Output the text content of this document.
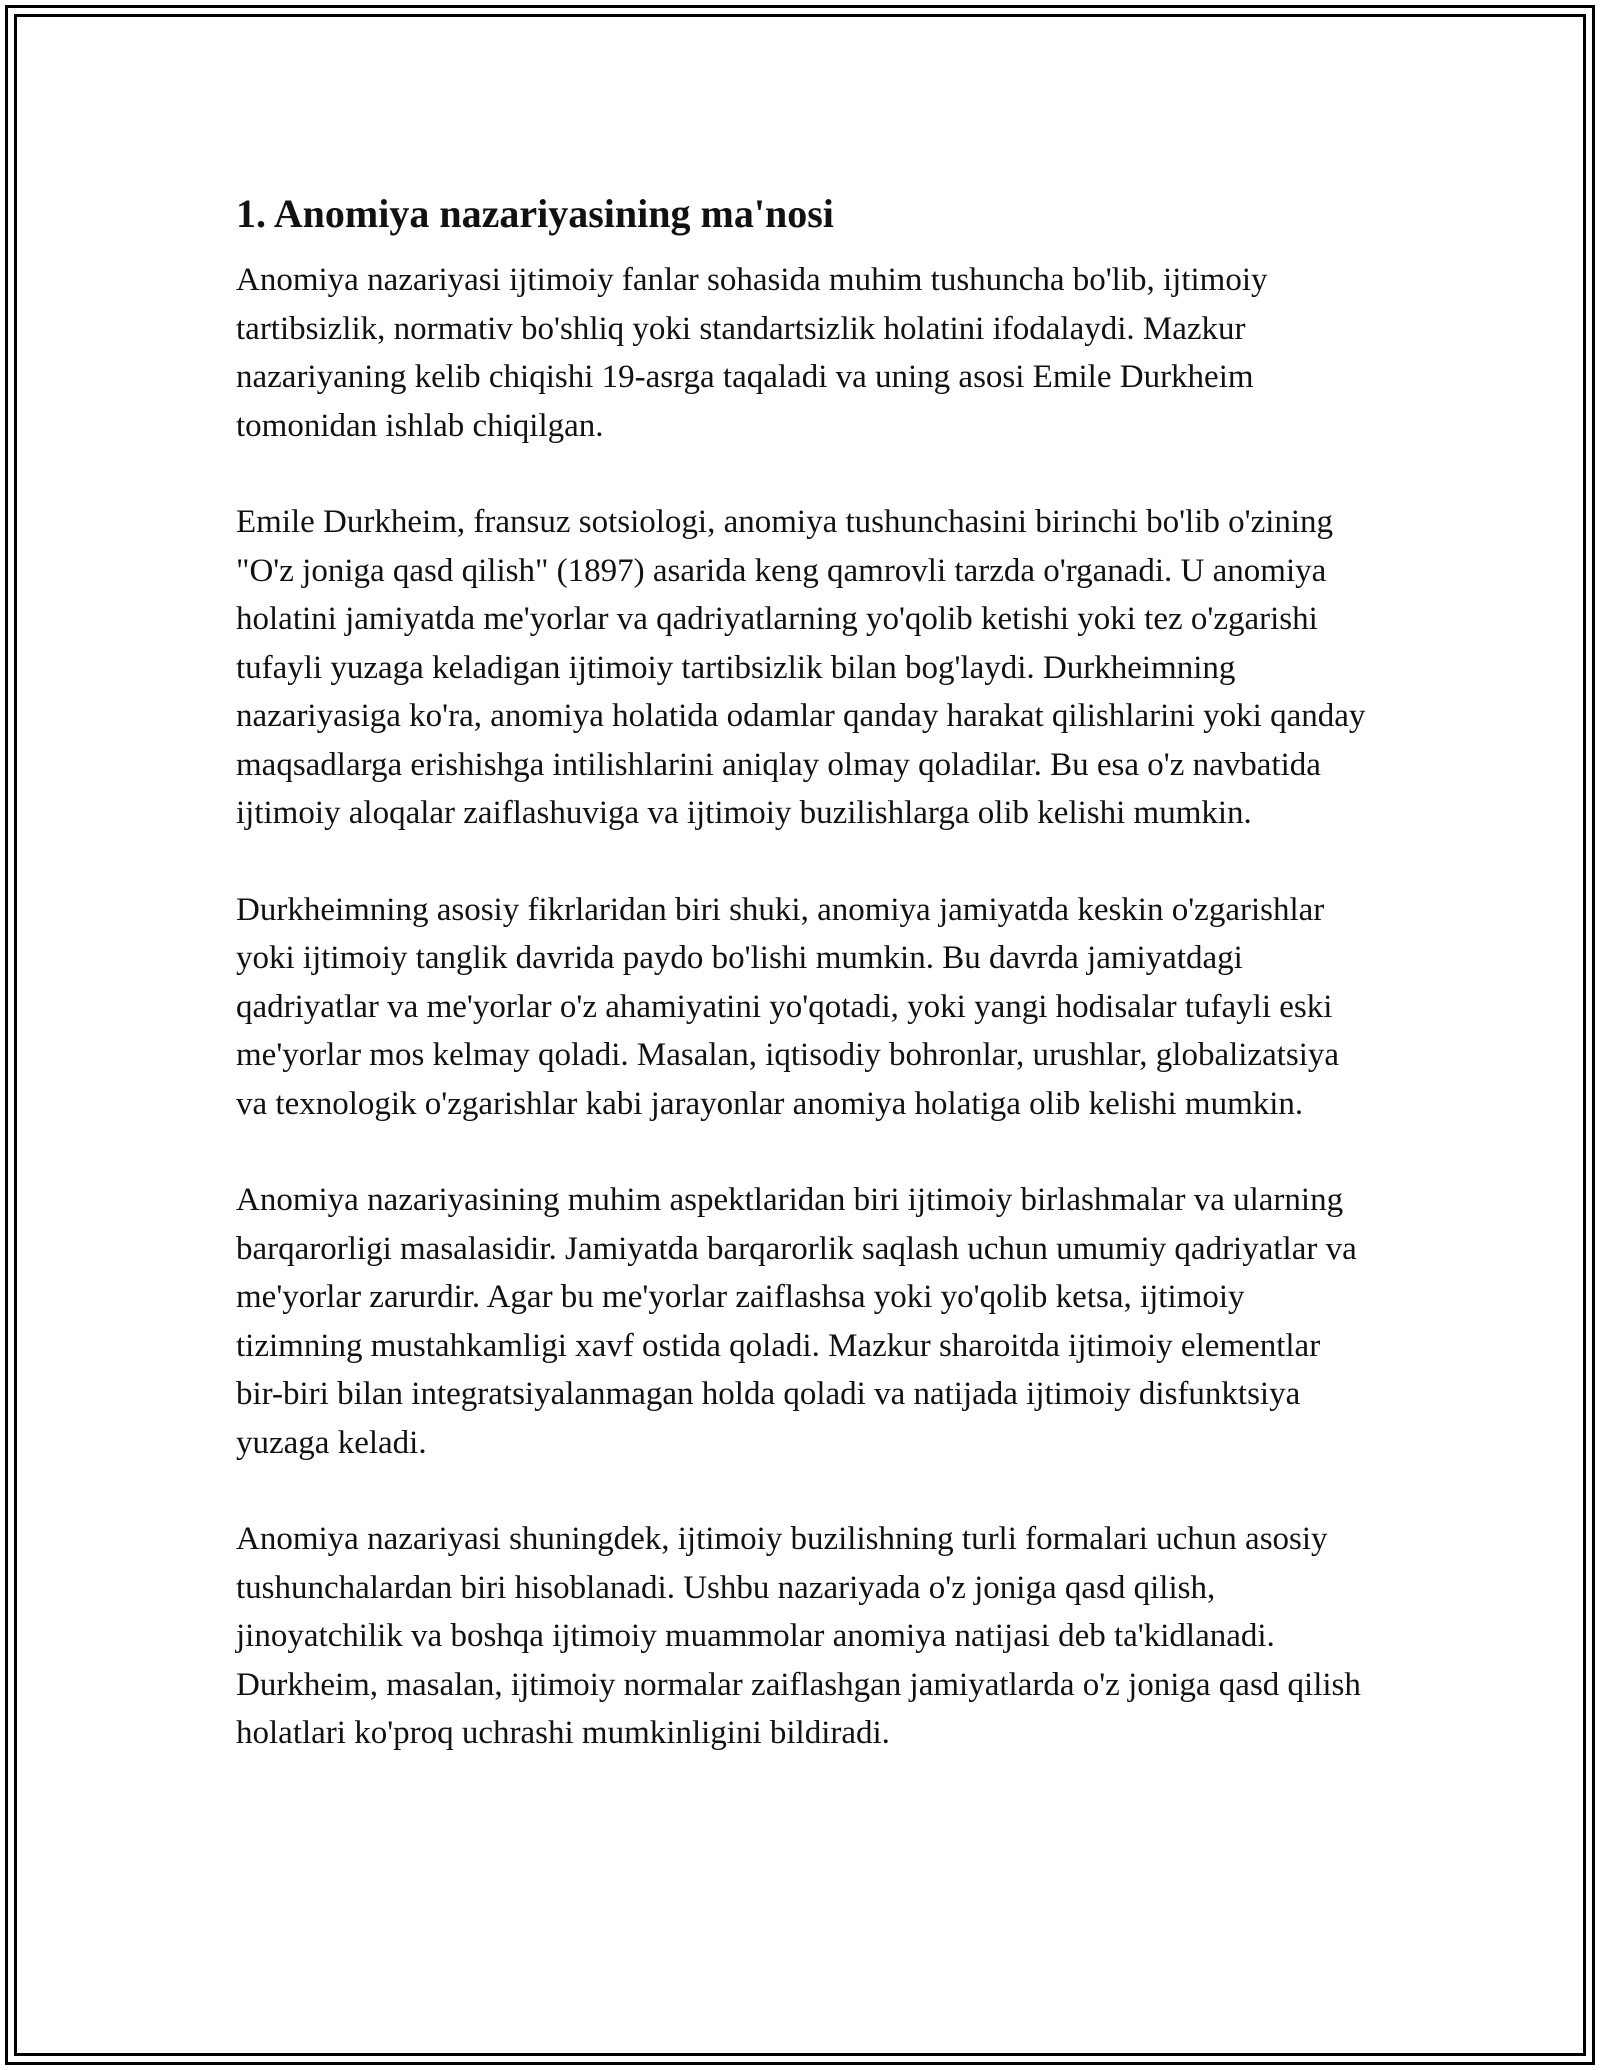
1. Anomiya nazariyasining ma'nosi

Anomiya nazariyasi ijtimoiy fanlar sohasida muhim tushuncha bo'lib, ijtimoiy tartibsizlik, normativ bo'shliq yoki standartsizlik holatini ifodalaydi. Mazkur nazariyaning kelib chiqishi 19-asrga taqaladi va uning asosi Emile Durkheim tomonidan ishlab chiqilgan.

Emile Durkheim, fransuz sotsiologi, anomiya tushunchasini birinchi bo'lib o'zining "O'z joniga qasd qilish" (1897) asarida keng qamrovli tarzda o'rganadi. U anomiya holatini jamiyatda me'yorlar va qadriyatlarning yo'qolib ketishi yoki tez o'zgarishi tufayli yuzaga keladigan ijtimoiy tartibsizlik bilan bog'laydi. Durkheimning nazariyasiga ko'ra, anomiya holatida odamlar qanday harakat qilishlarini yoki qanday maqsadlarga erishishga intilishlarini aniqlay olmay qoladilar. Bu esa o'z navbatida ijtimoiy aloqalar zaiflashuviga va ijtimoiy buzilishlarga olib kelishi mumkin.

Durkheimning asosiy fikrlaridan biri shuki, anomiya jamiyatda keskin o'zgarishlar yoki ijtimoiy tanglik davrida paydo bo'lishi mumkin. Bu davrda jamiyatdagi qadriyatlar va me'yorlar o'z ahamiyatini yo'qotadi, yoki yangi hodisalar tufayli eski me'yorlar mos kelmay qoladi. Masalan, iqtisodiy bohronlar, urushlar, globalizatsiya va texnologik o'zgarishlar kabi jarayonlar anomiya holatiga olib kelishi mumkin.

Anomiya nazariyasining muhim aspektlaridan biri ijtimoiy birlashmalar va ularning barqarorligi masalasidir. Jamiyatda barqarorlik saqlash uchun umumiy qadriyatlar va me'yorlar zarurdir. Agar bu me'yorlar zaiflashsa yoki yo'qolib ketsa, ijtimoiy tizimning mustahkamligi xavf ostida qoladi. Mazkur sharoitda ijtimoiy elementlar bir-biri bilan integratsiyalanmagan holda qoladi va natijada ijtimoiy disfunktsiya yuzaga keladi.

Anomiya nazariyasi shuningdek, ijtimoiy buzilishning turli formalari uchun asosiy tushunchalardan biri hisoblanadi. Ushbu nazariyada o'z joniga qasd qilish, jinoyatchilik va boshqa ijtimoiy muammolar anomiya natijasi deb ta'kidlanadi. Durkheim, masalan, ijtimoiy normalar zaiflashgan jamiyatlarda o'z joniga qasd qilish holatlari ko'proq uchrashi mumkinligini bildiradi.
